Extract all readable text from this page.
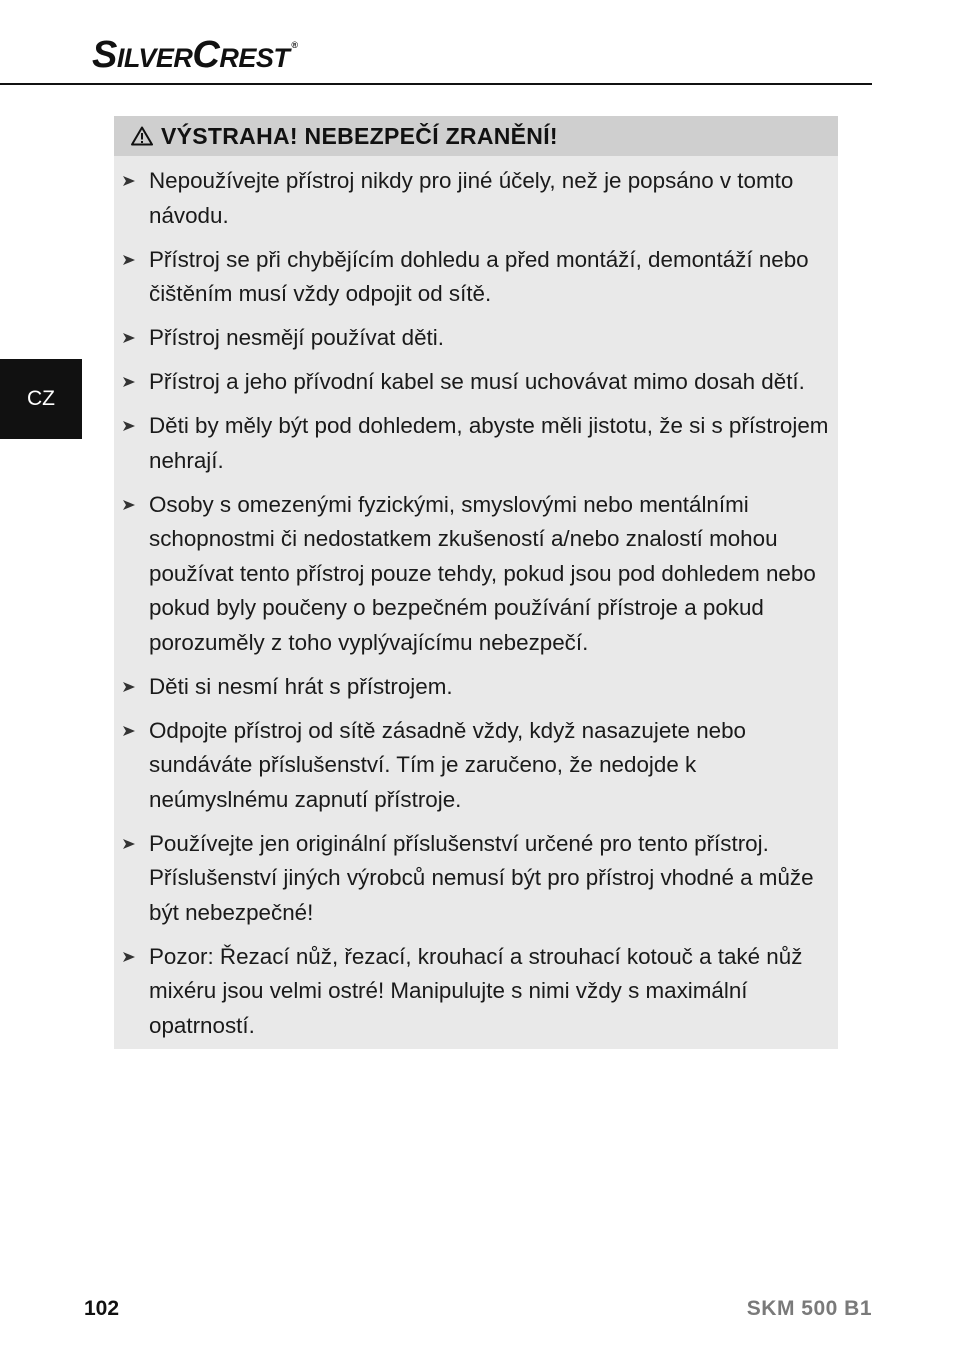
SILVERCREST ®
CZ
VÝSTRAHA! NEBEZPEČÍ ZRANĚNÍ!
Nepoužívejte přístroj nikdy pro jiné účely, než je popsáno v tomto návodu.
Přístroj se při chybějícím dohledu a před montáží, demontáží nebo čištěním musí vždy odpojit od sítě.
Přístroj nesmějí používat děti.
Přístroj a jeho přívodní kabel se musí uchovávat mimo dosah dětí.
Děti by měly být pod dohledem, abyste měli jistotu, že si s přístrojem nehrají.
Osoby s omezenými fyzickými, smyslovými nebo mentálními schopnostmi či nedostatkem zkušeností a/nebo znalostí mohou používat tento přístroj pouze tehdy, pokud jsou pod dohledem nebo pokud byly poučeny o bezpečném používání přístroje a pokud porozuměly z toho vyplývajícímu nebezpečí.
Děti si nesmí hrát s přístrojem.
Odpojte přístroj od sítě zásadně vždy, když nasazujete nebo sundáváte příslušenství. Tím je zaručeno, že nedojde k neúmyslnému zapnutí přístroje.
Používejte jen originální příslušenství určené pro tento přístroj. Příslušenství jiných výrobců nemusí být pro přístroj vhodné a může být nebezpečné!
Pozor: Řezací nůž, řezací, krouhací a strouhací kotouč a také nůž mixéru jsou velmi ostré! Manipulujte s nimi vždy s maximální opatrností.
102	SKM 500 B1
